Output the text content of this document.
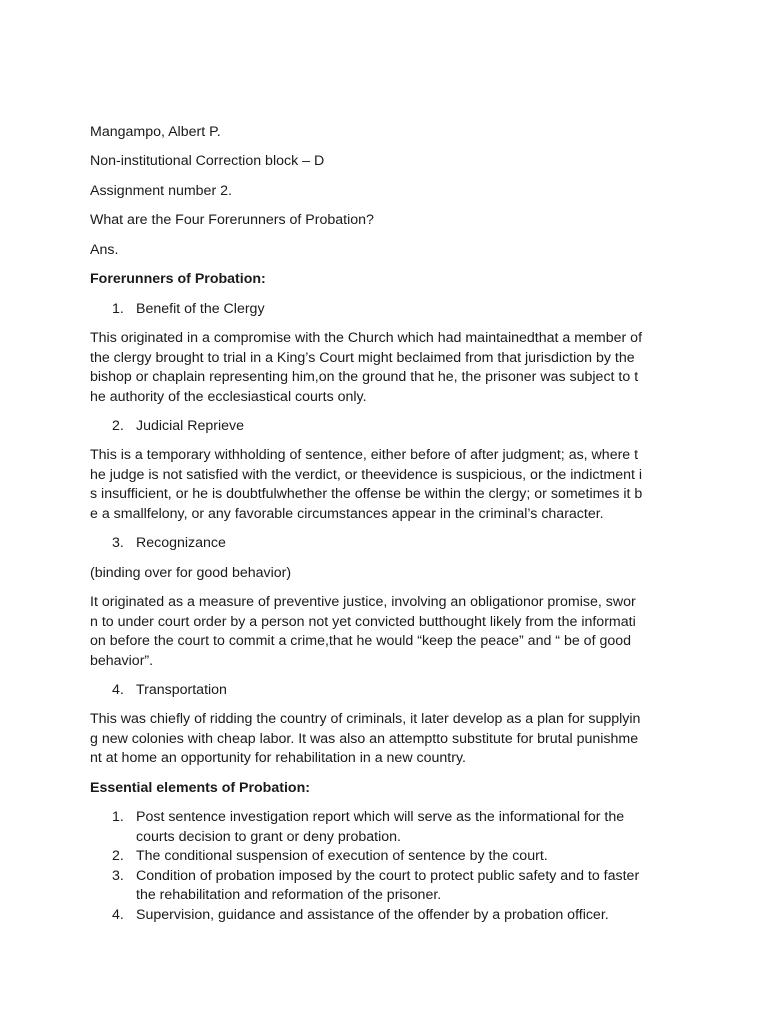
Mangampo, Albert P.

Non-institutional Correction block – D

Assignment number 2.

What are the Four Forerunners of Probation?

Ans.

Forerunners of Probation:

1. Benefit of the Clergy
This originated in a compromise with the Church which had maintainedthat a member of
the clergy brought to trial in a King’s Court might beclaimed from that jurisdiction by the
bishop or chaplain representing him,on the ground that he, the prisoner was subject to t
he authority of the ecclesiastical courts only.
2. Judicial Reprieve
This is a temporary withholding of sentence, either before of after judgment; as, where t
he judge is not satisfied with the verdict, or theevidence is suspicious, or the indictment i
s insufficient, or he is doubtfulwhether the offense be within the clergy; or sometimes it b
e a smallfelony, or any favorable circumstances appear in the criminal’s character.
3. Recognizance

(binding over for good behavior)

It originated as a measure of preventive justice, involving an obligationor promise, swor
n to under court order by a person not yet convicted butthought likely from the informati
on before the court to commit a crime,that he would “keep the peace” and “ be of good
behavior”.
4. Transportation
This was chiefly of ridding the country of criminals, it later develop as a plan for supplyin
g new colonies with cheap labor. It was also an attemptto substitute for brutal punishme
nt at home an opportunity for rehabilitation in a new country.

Essential elements of Probation:

1. Post sentence investigation report which will serve as the informational for the
courts decision to grant or deny probation.
2. The conditional suspension of execution of sentence by the court.
3. Condition of probation imposed by the court to protect public safety and to faster
the rehabilitation and reformation of the prisoner.
4. Supervision, guidance and assistance of the offender by a probation officer.
